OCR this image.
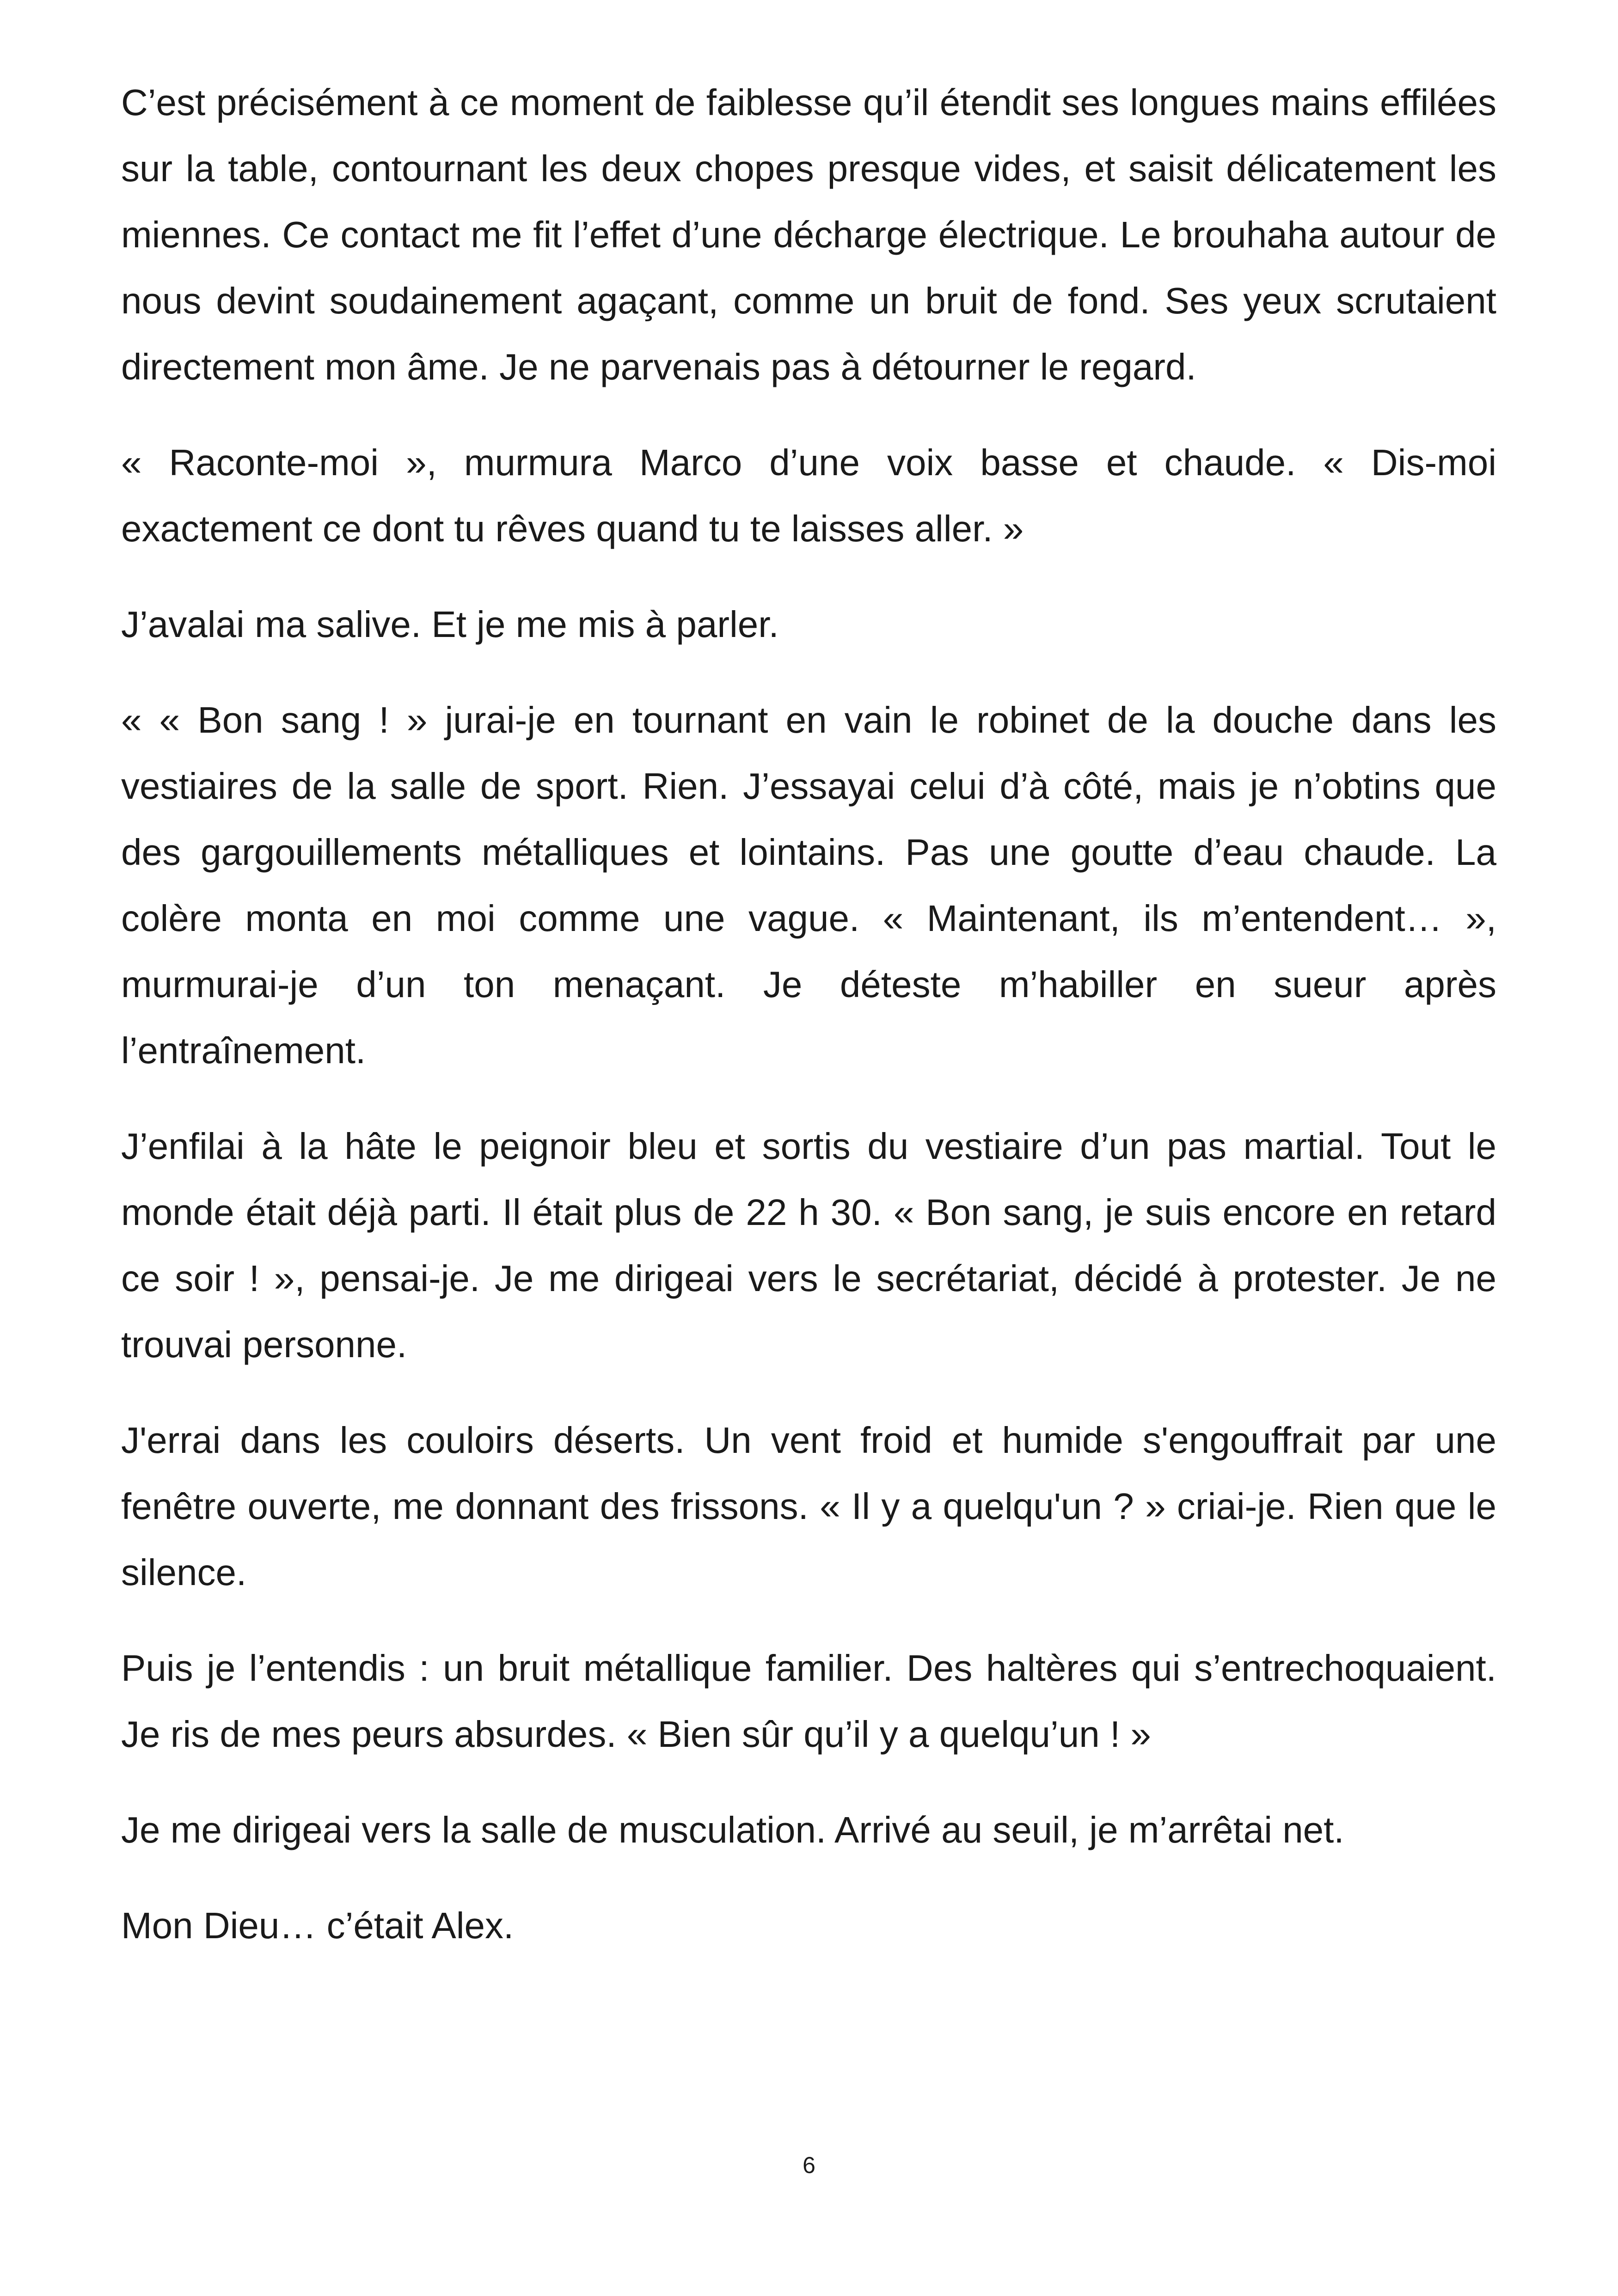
C’est précisément à ce moment de faiblesse qu’il étendit ses longues mains effilées sur la table, contournant les deux chopes presque vides, et saisit délicatement les miennes. Ce contact me fit l’effet d’une décharge électrique. Le brouhaha autour de nous devint soudainement agaçant, comme un bruit de fond. Ses yeux scrutaient directement mon âme. Je ne parvenais pas à détourner le regard.

« Raconte-moi », murmura Marco d’une voix basse et chaude. « Dis-moi exactement ce dont tu rêves quand tu te laisses aller. »

J’avalai ma salive. Et je me mis à parler.

« « Bon sang ! » jurai-je en tournant en vain le robinet de la douche dans les vestiaires de la salle de sport. Rien. J’essayai celui d’à côté, mais je n’obtins que des gargouillements métalliques et lointains. Pas une goutte d’eau chaude. La colère monta en moi comme une vague. « Maintenant, ils m’entendent… », murmurai-je d’un ton menaçant. Je déteste m’habiller en sueur après l’entraînement.

J’enfilai à la hâte le peignoir bleu et sortis du vestiaire d’un pas martial. Tout le monde était déjà parti. Il était plus de 22 h 30. « Bon sang, je suis encore en retard ce soir ! », pensai-je. Je me dirigeai vers le secrétariat, décidé à protester. Je ne trouvai personne.

J'errai dans les couloirs déserts. Un vent froid et humide s'engouffrait par une fenêtre ouverte, me donnant des frissons. « Il y a quelqu'un ? » criai-je. Rien que le silence.

Puis je l’entendis : un bruit métallique familier. Des haltères qui s’entrechoquaient. Je ris de mes peurs absurdes. « Bien sûr qu’il y a quelqu’un ! »

Je me dirigeai vers la salle de musculation. Arrivé au seuil, je m’arrêtai net.

Mon Dieu… c’était Alex.

6
